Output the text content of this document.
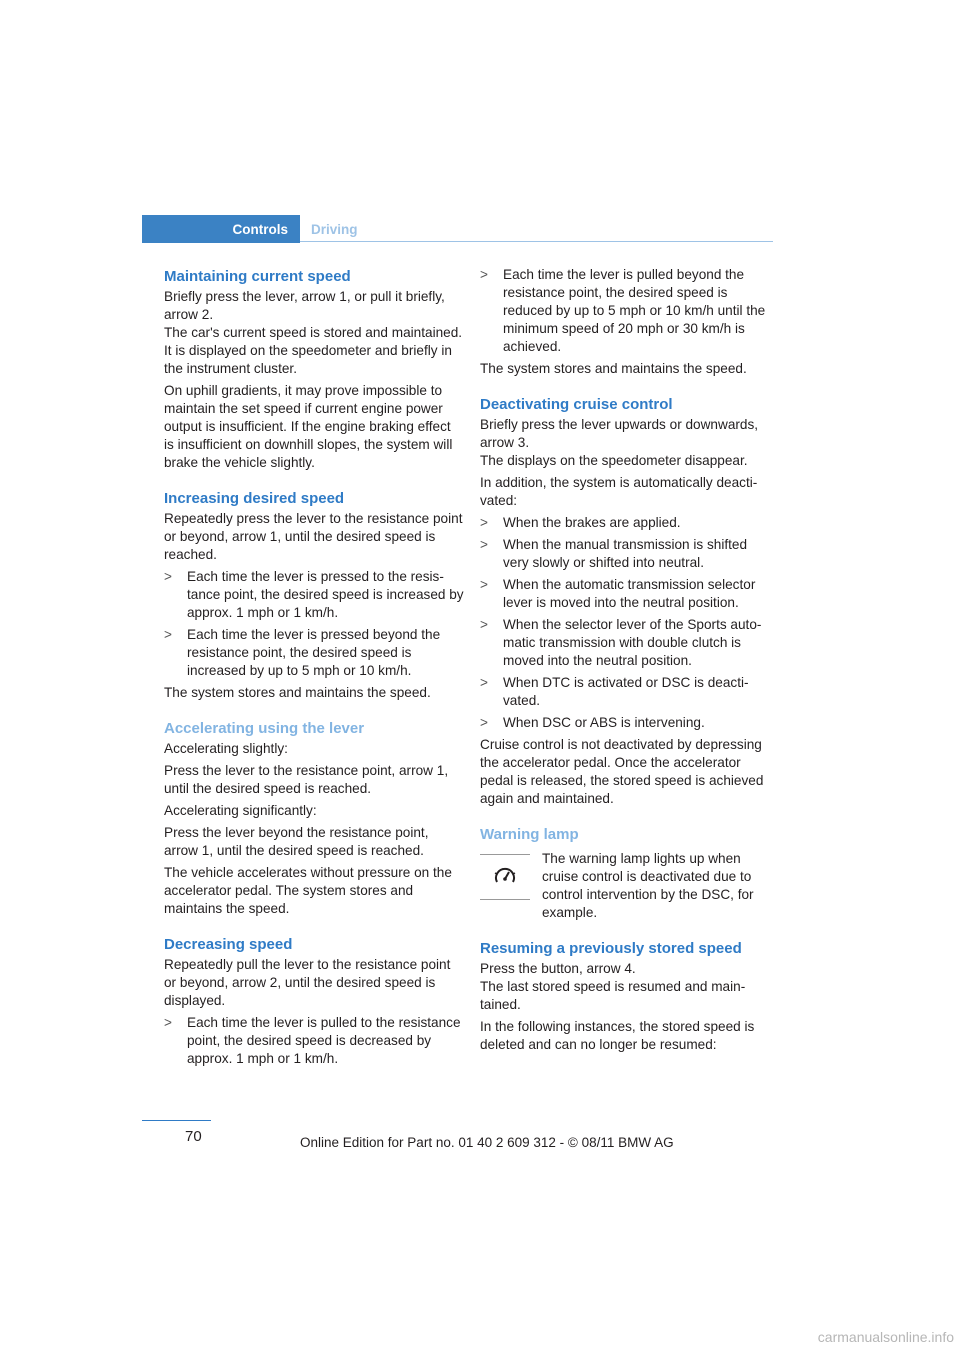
Controls Driving
Maintaining current speed

Briefly press the lever, arrow 1, or pull it briefly, arrow 2.

The car's current speed is stored and maintained. It is displayed on the speedometer and briefly in the instrument cluster.

On uphill gradients, it may prove impossible to maintain the set speed if current engine power output is insufficient. If the engine braking effect is insufficient on downhill slopes, the system will brake the vehicle slightly.

Increasing desired speed

Repeatedly press the lever to the resistance point or beyond, arrow 1, until the desired speed is reached.

> Each time the lever is pressed to the resistance point, the desired speed is increased by approx. 1 mph or 1 km/h.
> Each time the lever is pressed beyond the resistance point, the desired speed is increased by up to 5 mph or 10 km/h.

The system stores and maintains the speed.

Accelerating using the lever

Accelerating slightly:

Press the lever to the resistance point, arrow 1, until the desired speed is reached.

Accelerating significantly:

Press the lever beyond the resistance point, arrow 1, until the desired speed is reached.

The vehicle accelerates without pressure on the accelerator pedal. The system stores and maintains the speed.

Decreasing speed

Repeatedly pull the lever to the resistance point or beyond, arrow 2, until the desired speed is displayed.

> Each time the lever is pulled to the resistance point, the desired speed is decreased by approx. 1 mph or 1 km/h.
> Each time the lever is pulled beyond the resistance point, the desired speed is reduced by up to 5 mph or 10 km/h until the minimum speed of 20 mph or 30 km/h is achieved.

The system stores and maintains the speed.

Deactivating cruise control

Briefly press the lever upwards or downwards, arrow 3.

The displays on the speedometer disappear.

In addition, the system is automatically deactivated:

> When the brakes are applied.
> When the manual transmission is shifted very slowly or shifted into neutral.
> When the automatic transmission selector lever is moved into the neutral position.
> When the selector lever of the Sports automatic transmission with double clutch is moved into the neutral position.
> When DTC is activated or DSC is deactivated.
> When DSC or ABS is intervening.

Cruise control is not deactivated by depressing the accelerator pedal. Once the accelerator pedal is released, the stored speed is achieved again and maintained.

Warning lamp
The warning lamp lights up when cruise control is deactivated due to control intervention by the DSC, for example.
Resuming a previously stored speed

Press the button, arrow 4.

The last stored speed is resumed and maintained.

In the following instances, the stored speed is deleted and can no longer be resumed:

70	Online Edition for Part no. 01 40 2 609 312 - © 08/11 BMW AG
carmanualsonline.info
